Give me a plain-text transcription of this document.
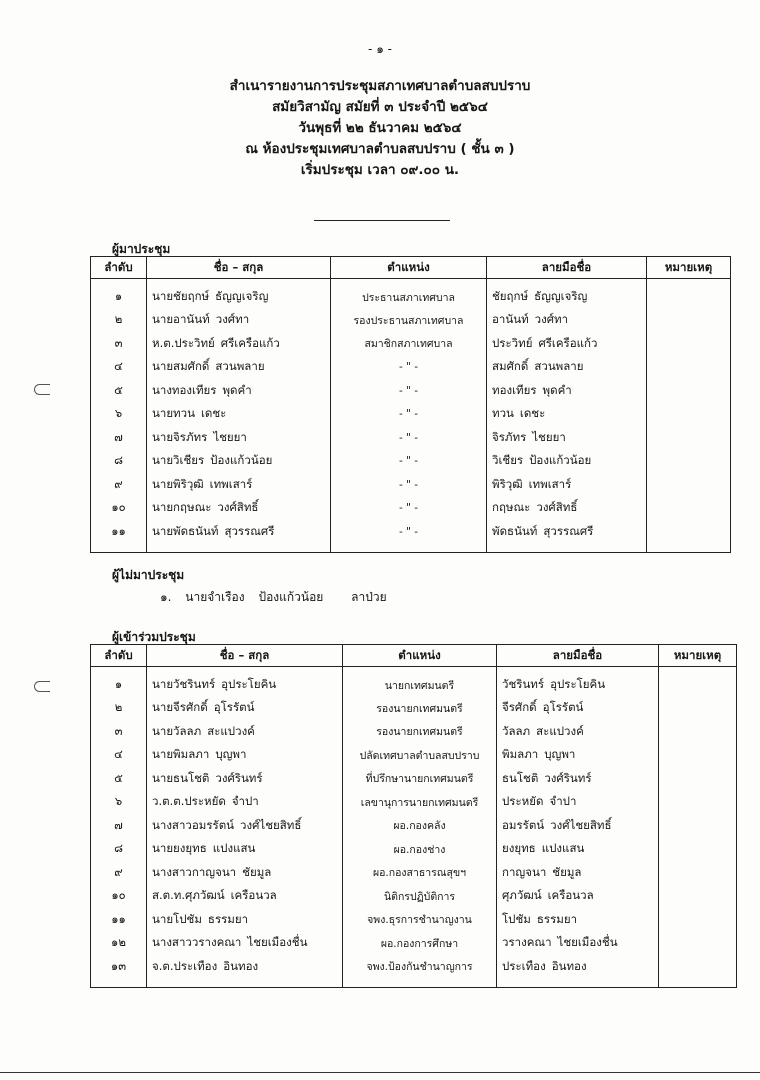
- ๑ -
สำเนารายงานการประชุมสภาเทศบาลตำบลสบปราบ
สมัยวิสามัญ สมัยที่ ๓ ประจำปี ๒๕๖๔
วันพุธที่ ๒๒ ธันวาคม ๒๕๖๔
ณ ห้องประชุมเทศบาลตำบลสบปราบ ( ชั้น ๓ )
เริ่มประชุม เวลา ๐๙.๐๐ น.
ผู้มาประชุม
ลำดับ	ชื่อ – สกุล	ตำแหน่ง	ลายมือชื่อ	หมายเหตุ
๑	นายชัยฤกษ์ ธัญญเจริญ	ประธานสภาเทศบาล	ชัยฤกษ์ ธัญญเจริญ	
๒	นายอานันท์ วงศ์ทา	รองประธานสภาเทศบาล	อานันท์ วงศ์ทา	
๓	ห.ต.ประวิทย์ ศรีเครือแก้ว	สมาชิกสภาเทศบาล	ประวิทย์ ศรีเครือแก้ว	
๔	นายสมศักดิ์ สวนพลาย	- " -	สมศักดิ์ สวนพลาย	
๕	นางทองเทียร พุดคำ	- " -	ทองเทียร พุดคำ	
๖	นายทวน เดชะ	- " -	ทวน เดชะ	
๗	นายจิรภัทร ไชยยา	- " -	จิรภัทร ไชยยา	
๘	นายวิเชียร ป้องแก้วน้อย	- " -	วิเชียร ป้องแก้วน้อย	
๙	นายพิริวุฒิ เทพเสาร์	- " -	พิริวุฒิ เทพเสาร์	
๑๐	นายกฤษณะ วงศ์สิทธิ์	- " -	กฤษณะ วงศ์สิทธิ์	
๑๑	นายพัดธนันท์ สุวรรณศรี	- " -	พัดธนันท์ สุวรรณศรี	
ผู้ไม่มาประชุม
๑. นายจำเรือง ป้องแก้วน้อย ลาป่วย
ผู้เข้าร่วมประชุม
ลำดับ	ชื่อ – สกุล	ตำแหน่ง	ลายมือชื่อ	หมายเหตุ
๑	นายวัชรินทร์ อุประโยคิน	นายกเทศมนตรี	วัชรินทร์ อุประโยคิน	
๒	นายจีรศักดิ์ อุโรรัตน์	รองนายกเทศมนตรี	จีรศักดิ์ อุโรรัตน์	
๓	นายวัลลภ สะแปวงค์	รองนายกเทศมนตรี	วัลลภ สะแปวงค์	
๔	นายพิมลภา บุญพา	ปลัดเทศบาลตำบลสบปราบ	พิมลภา บุญพา	
๕	นายธนโชติ วงศ์รินทร์	ที่ปรึกษานายกเทศมนตรี	ธนโชติ วงศ์รินทร์	
๖	ว.ต.ต.ประหยัด จำปา	เลขานุการนายกเทศมนตรี	ประหยัด จำปา	
๗	นางสาวอมรรัตน์ วงศ์ไชยสิทธิ์	ผอ.กองคลัง	อมรรัตน์ วงศ์ไชยสิทธิ์	
๘	นายยงยุทธ แปงแสน	ผอ.กองช่าง	ยงยุทธ แปงแสน	
๙	นางสาวกาญจนา ชัยมูล	ผอ.กองสาธารณสุขฯ	กาญจนา ชัยมูล	
๑๐	ส.ต.ท.ศุภวัฒน์ เครือนวล	นิติกรปฏิบัติการ	ศุภวัฒน์ เครือนวล	
๑๑	นายโปชัม ธรรมยา	จพง.ธุรการชำนาญงาน	โปชัม ธรรมยา	
๑๒	นางสาววรางคณา ไชยเมืองชื่น	ผอ.กองการศึกษา	วรางคณา ไชยเมืองชื่น	
๑๓	จ.ต.ประเทือง อินทอง	จพง.ป้องกันชำนาญการ	ประเทือง อินทอง	
